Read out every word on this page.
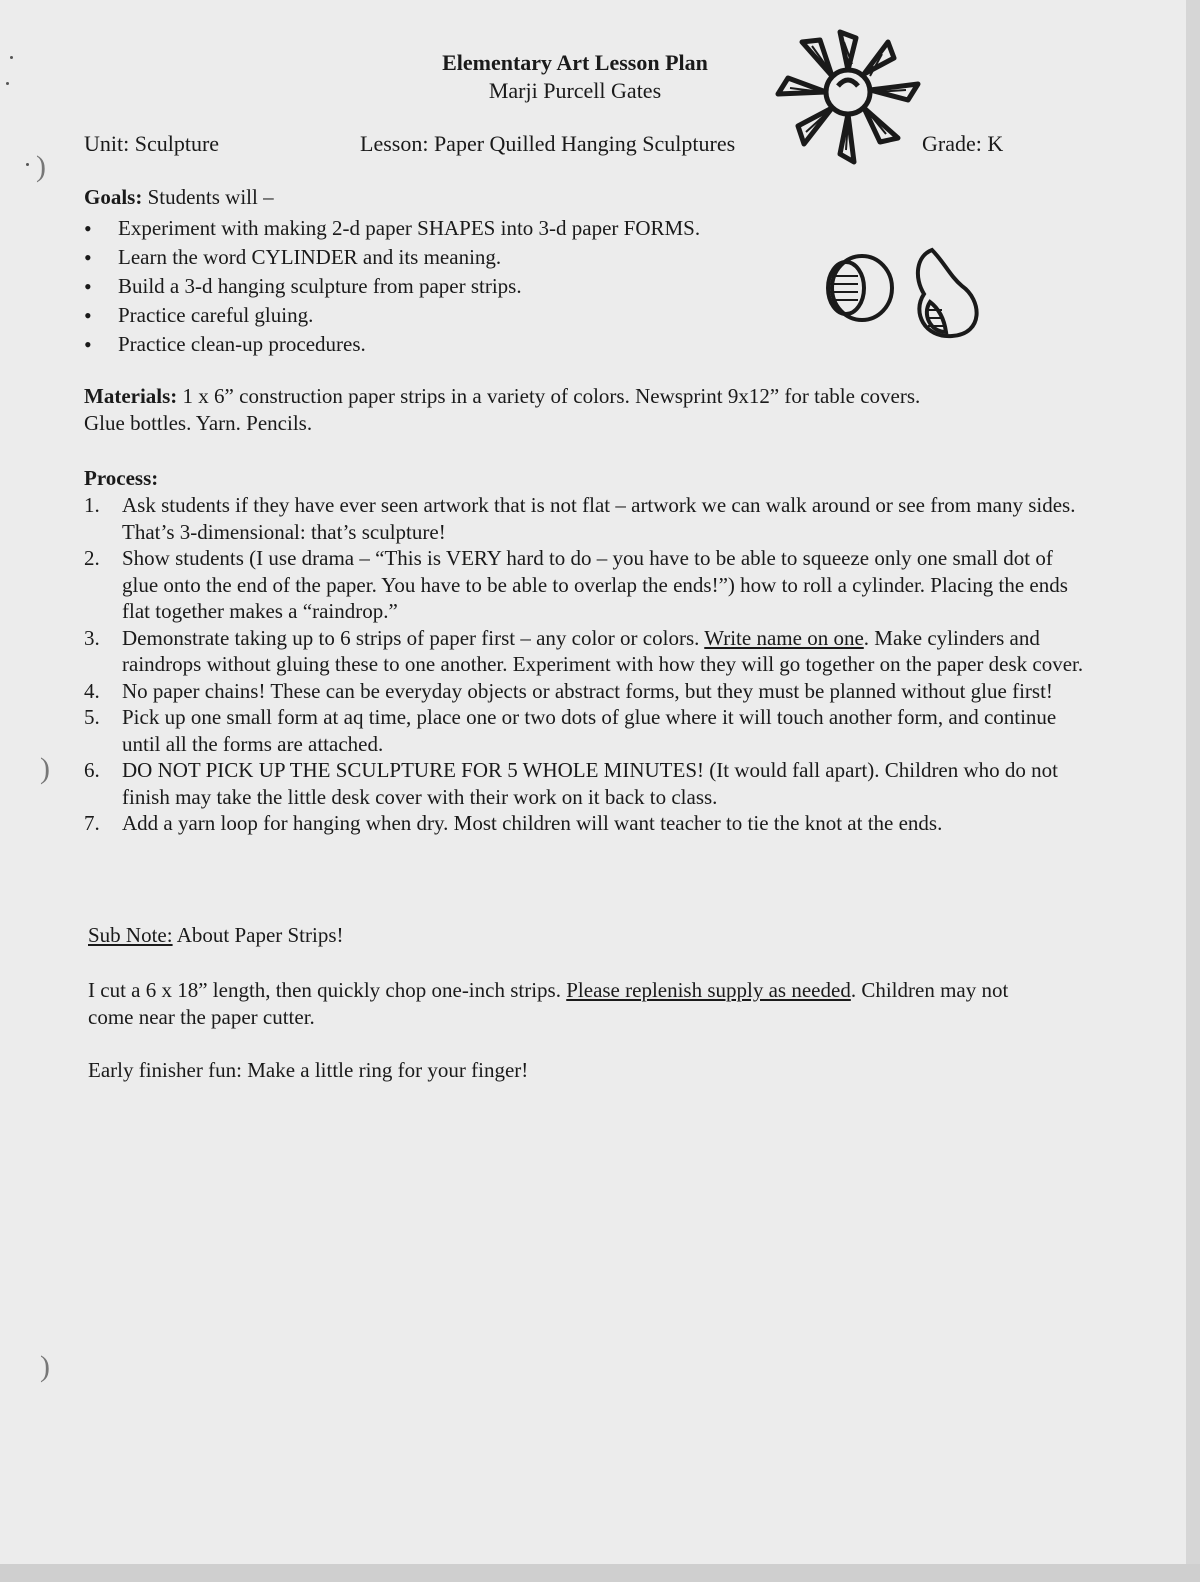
)
)
)
Elementary Art Lesson Plan
Marji Purcell Gates
Unit: Sculpture	Lesson: Paper Quilled Hanging Sculptures	Grade: K
Goals: Students will –
• Experiment with making 2-d paper SHAPES into 3-d paper FORMS.
• Learn the word CYLINDER and its meaning.
• Build a 3-d hanging sculpture from paper strips.
• Practice careful gluing.
• Practice clean-up procedures.
Materials: 1 x 6” construction paper strips in a variety of colors. Newsprint 9x12” for table covers.
Glue bottles. Yarn. Pencils.
Process:
1. Ask students if they have ever seen artwork that is not flat – artwork we can walk around or see from many sides. That’s 3-dimensional: that’s sculpture!
2. Show students (I use drama – “This is VERY hard to do – you have to be able to squeeze only one small dot of glue onto the end of the paper. You have to be able to overlap the ends!”) how to roll a cylinder. Placing the ends flat together makes a “raindrop.”
3. Demonstrate taking up to 6 strips of paper first – any color or colors. Write name on one. Make cylinders and raindrops without gluing these to one another. Experiment with how they will go together on the paper desk cover.
4. No paper chains! These can be everyday objects or abstract forms, but they must be planned without glue first!
5. Pick up one small form at aq time, place one or two dots of glue where it will touch another form, and continue until all the forms are attached.
6. DO NOT PICK UP THE SCULPTURE FOR 5 WHOLE MINUTES! (It would fall apart). Children who do not finish may take the little desk cover with their work on it back to class.
7. Add a yarn loop for hanging when dry. Most children will want teacher to tie the knot at the ends.
Sub Note: About Paper Strips!
I cut a 6 x 18” length, then quickly chop one-inch strips. Please replenish supply as needed. Children may not come near the paper cutter.
Early finisher fun: Make a little ring for your finger!
